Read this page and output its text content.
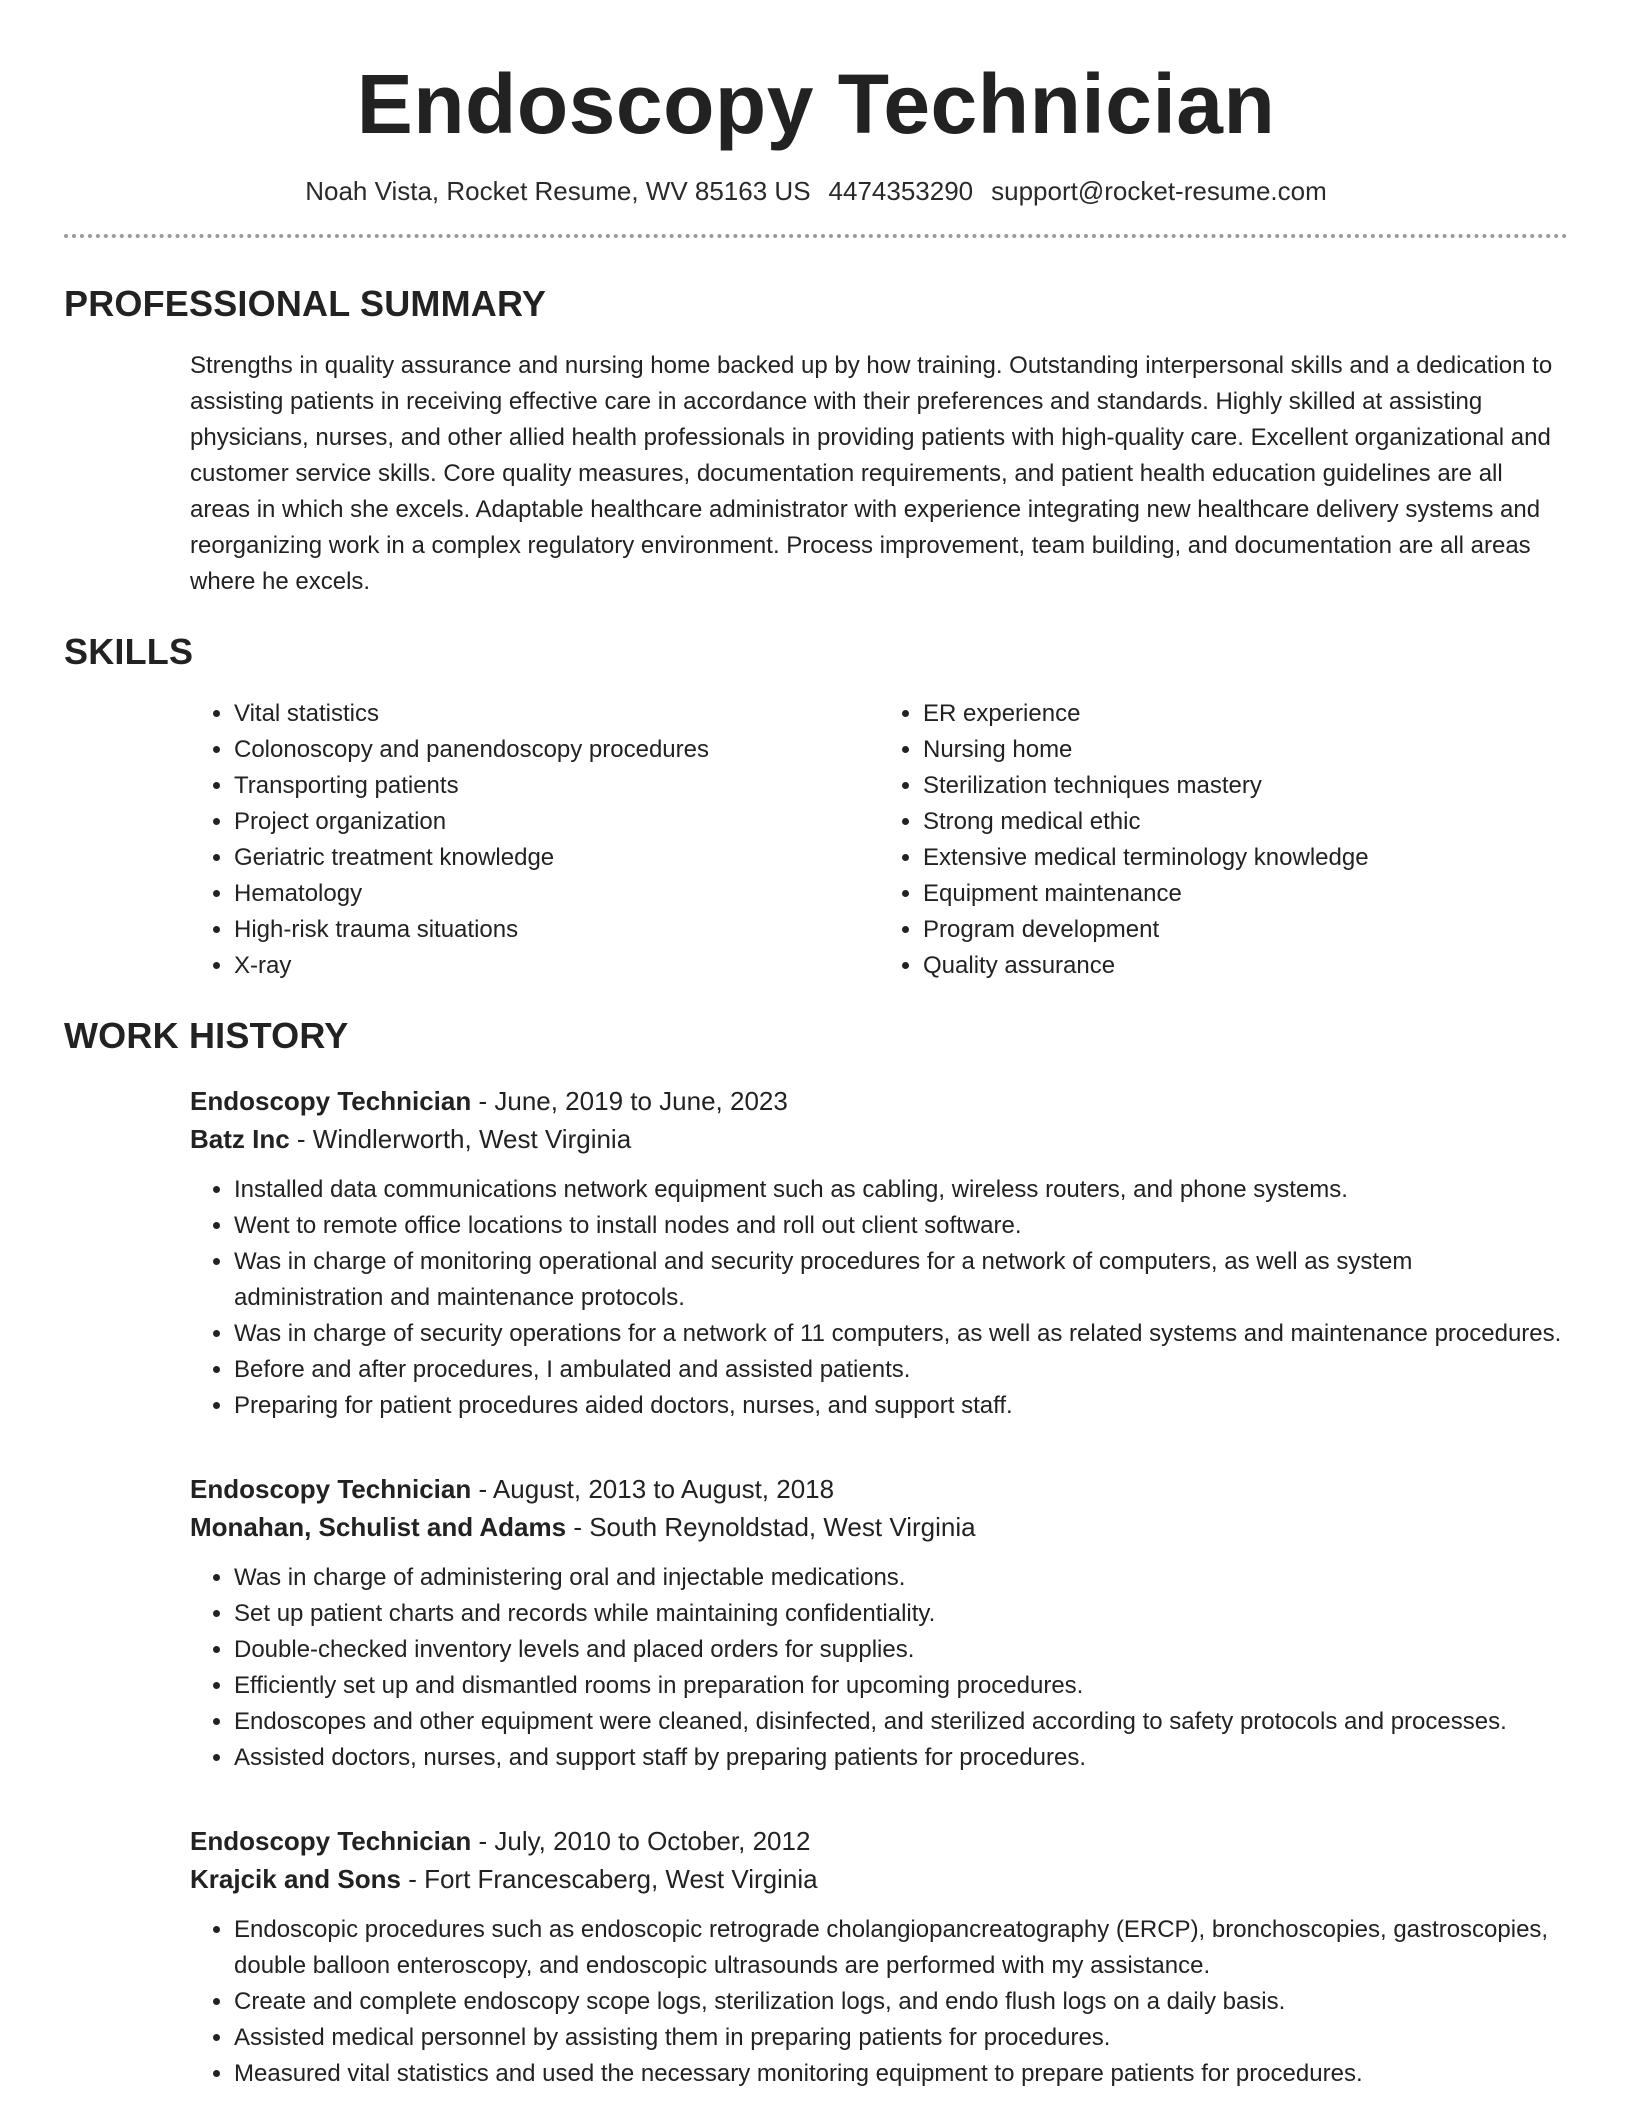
Endoscopy Technician
Noah Vista, Rocket Resume, WV 85163 US 4474353290 support@rocket-resume.com
PROFESSIONAL SUMMARY
Strengths in quality assurance and nursing home backed up by how training. Outstanding interpersonal skills and a dedication to assisting patients in receiving effective care in accordance with their preferences and standards. Highly skilled at assisting physicians, nurses, and other allied health professionals in providing patients with high-quality care. Excellent organizational and customer service skills. Core quality measures, documentation requirements, and patient health education guidelines are all areas in which she excels. Adaptable healthcare administrator with experience integrating new healthcare delivery systems and reorganizing work in a complex regulatory environment. Process improvement, team building, and documentation are all areas where he excels.
SKILLS
• Vital statistics
• Colonoscopy and panendoscopy procedures
• Transporting patients
• Project organization
• Geriatric treatment knowledge
• Hematology
• High-risk trauma situations
• X-ray
• ER experience
• Nursing home
• Sterilization techniques mastery
• Strong medical ethic
• Extensive medical terminology knowledge
• Equipment maintenance
• Program development
• Quality assurance
WORK HISTORY
Endoscopy Technician - June, 2019 to June, 2023
Batz Inc - Windlerworth, West Virginia
• Installed data communications network equipment such as cabling, wireless routers, and phone systems.
• Went to remote office locations to install nodes and roll out client software.
• Was in charge of monitoring operational and security procedures for a network of computers, as well as system administration and maintenance protocols.
• Was in charge of security operations for a network of 11 computers, as well as related systems and maintenance procedures.
• Before and after procedures, I ambulated and assisted patients.
• Preparing for patient procedures aided doctors, nurses, and support staff.
Endoscopy Technician - August, 2013 to August, 2018
Monahan, Schulist and Adams - South Reynoldstad, West Virginia
• Was in charge of administering oral and injectable medications.
• Set up patient charts and records while maintaining confidentiality.
• Double-checked inventory levels and placed orders for supplies.
• Efficiently set up and dismantled rooms in preparation for upcoming procedures.
• Endoscopes and other equipment were cleaned, disinfected, and sterilized according to safety protocols and processes.
• Assisted doctors, nurses, and support staff by preparing patients for procedures.
Endoscopy Technician - July, 2010 to October, 2012
Krajcik and Sons - Fort Francescaberg, West Virginia
• Endoscopic procedures such as endoscopic retrograde cholangiopancreatography (ERCP), bronchoscopies, gastroscopies, double balloon enteroscopy, and endoscopic ultrasounds are performed with my assistance.
• Create and complete endoscopy scope logs, sterilization logs, and endo flush logs on a daily basis.
• Assisted medical personnel by assisting them in preparing patients for procedures.
• Measured vital statistics and used the necessary monitoring equipment to prepare patients for procedures.
